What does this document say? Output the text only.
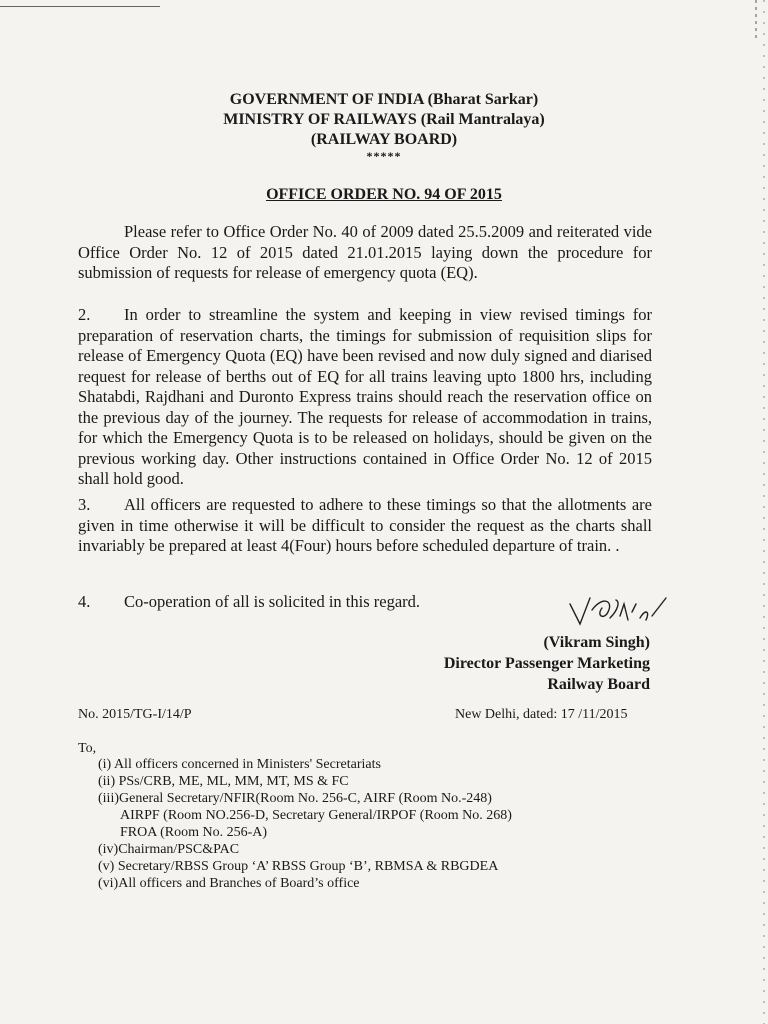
GOVERNMENT OF INDIA (Bharat Sarkar)
MINISTRY OF RAILWAYS (Rail Mantralaya)
(RAILWAY BOARD)
*****
OFFICE ORDER NO. 94 OF 2015

Please refer to Office Order No. 40 of 2009 dated 25.5.2009 and reiterated vide Office Order No. 12 of 2015 dated 21.01.2015 laying down the procedure for submission of requests for release of emergency quota (EQ).

2. In order to streamline the system and keeping in view revised timings for preparation of reservation charts, the timings for submission of requisition slips for release of Emergency Quota (EQ) have been revised and now duly signed and diarised request for release of berths out of EQ for all trains leaving upto 1800 hrs, including Shatabdi, Rajdhani and Duronto Express trains should reach the reservation office on the previous day of the journey. The requests for release of accommodation in trains, for which the Emergency Quota is to be released on holidays, should be given on the previous working day. Other instructions contained in Office Order No. 12 of 2015 shall hold good.

3. All officers are requested to adhere to these timings so that the allotments are given in time otherwise it will be difficult to consider the request as the charts shall invariably be prepared at least 4(Four) hours before scheduled departure of train. .

4. Co-operation of all is solicited in this regard.

(Vikram Singh)
Director Passenger Marketing
Railway Board
No. 2015/TG-I/14/P	New Delhi, dated: 17 /11/2015
To,
(i) All officers concerned in Ministers' Secretariats
(ii) PSs/CRB, ME, ML, MM, MT, MS & FC
(iii)General Secretary/NFIR(Room No. 256-C, AIRF (Room No.-248)
AIRPF (Room NO.256-D, Secretary General/IRPOF (Room No. 268)
FROA (Room No. 256-A)
(iv)Chairman/PSC&PAC
(v) Secretary/RBSS Group ‘A’ RBSS Group ‘B’, RBMSA & RBGDEA
(vi)All officers and Branches of Board’s office
